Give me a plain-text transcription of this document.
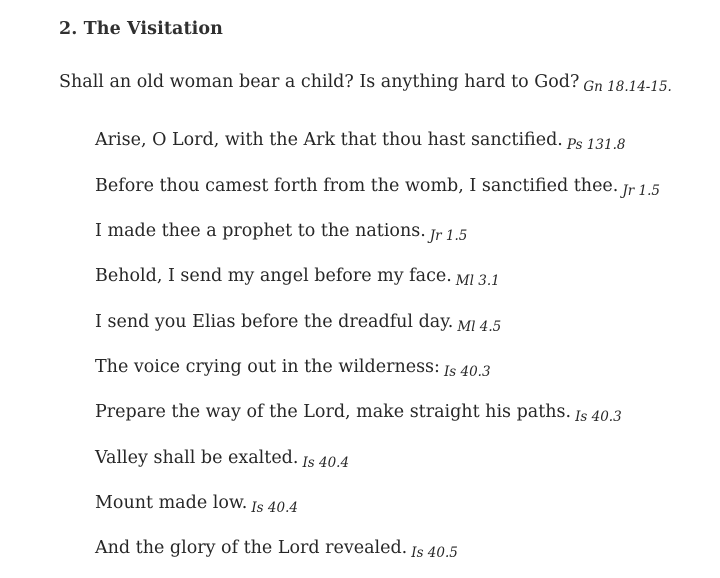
2. The Visitation
Shall an old woman bear a child? Is anything hard to God? $_{Gn 18.14-15.}$
Arise, O Lord, with the Ark that thou hast sanctified. $_{Ps 131.8}$
Before thou camest forth from the womb, I sanctified thee. $_{Jr 1.5}$
I made thee a prophet to the nations. $_{Jr 1.5}$
Behold, I send my angel before my face. $_{Ml 3.1}$
I send you Elias before the dreadful day. $_{Ml 4.5}$
The voice crying out in the wilderness: $_{Is 40.3}$
Prepare the way of the Lord, make straight his paths. $_{Is 40.3}$
Valley shall be exalted. $_{Is 40.4}$
Mount made low. $_{Is 40.4}$
And the glory of the Lord revealed. $_{Is 40.5}$
